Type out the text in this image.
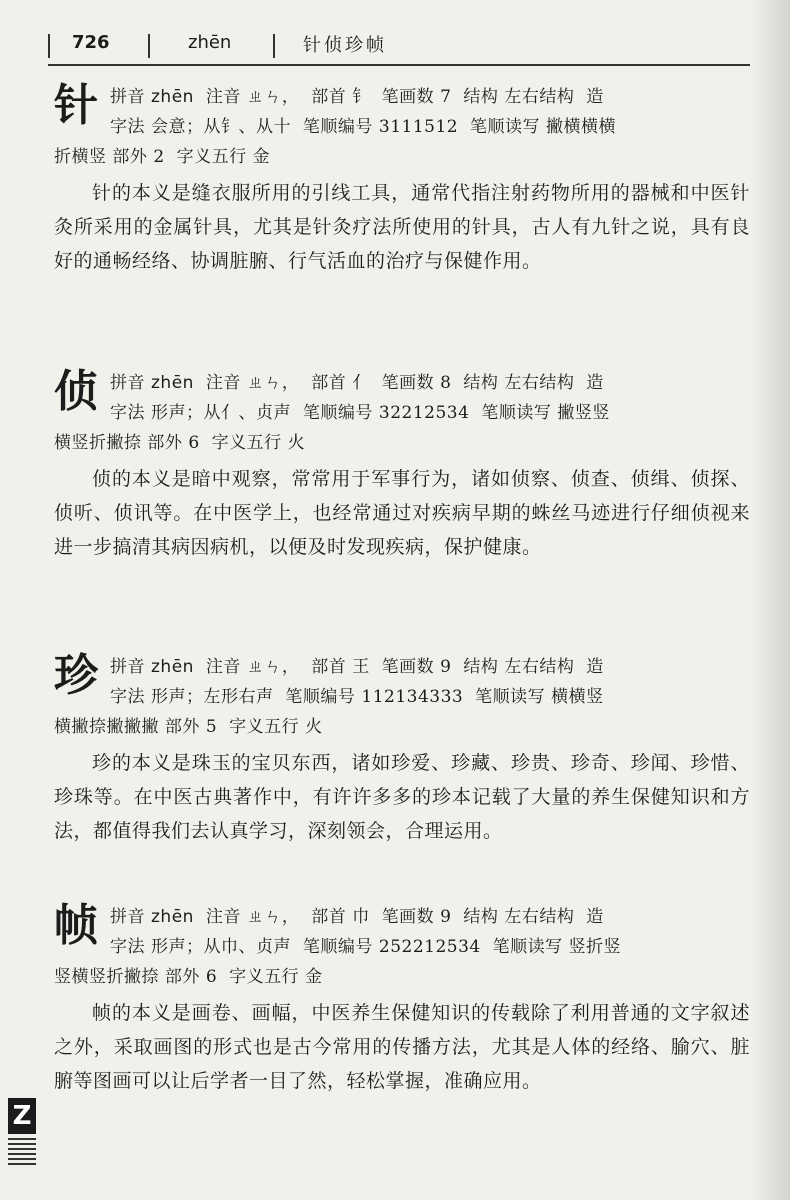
726	zhēn	针侦珍帧
针 拼音 zhēn 注音 ㄓㄣ， 部首 钅 笔画数 7 结构 左右结构 造
字法 会意；从钅、从十 笔顺编号 3111512 笔顺读写 撇横横横
折横竖 部外 2 字义五行 金
针的本义是缝衣服所用的引线工具，通常代指注射药物所用的器械和中医针灸所采用的金属针具，尤其是针灸疗法所使用的针具，古人有九针之说，具有良好的通畅经络、协调脏腑、行气活血的治疗与保健作用。
侦 拼音 zhēn 注音 ㄓㄣ， 部首 亻 笔画数 8 结构 左右结构 造
字法 形声；从亻、贞声 笔顺编号 32212534 笔顺读写 撇竖竖
横竖折撇捺 部外 6 字义五行 火
侦的本义是暗中观察，常常用于军事行为，诸如侦察、侦查、侦缉、侦探、侦听、侦讯等。在中医学上，也经常通过对疾病早期的蛛丝马迹进行仔细侦视来进一步搞清其病因病机，以便及时发现疾病，保护健康。
珍 拼音 zhēn 注音 ㄓㄣ， 部首 王 笔画数 9 结构 左右结构 造
字法 形声；左形右声 笔顺编号 112134333 笔顺读写 横横竖
横撇捺撇撇撇 部外 5 字义五行 火
珍的本义是珠玉的宝贝东西，诸如珍爱、珍藏、珍贵、珍奇、珍闻、珍惜、珍珠等。在中医古典著作中，有许许多多的珍本记载了大量的养生保健知识和方法，都值得我们去认真学习，深刻领会，合理运用。
帧 拼音 zhēn 注音 ㄓㄣ， 部首 巾 笔画数 9 结构 左右结构 造
字法 形声；从巾、贞声 笔顺编号 252212534 笔顺读写 竖折竖
竖横竖折撇捺 部外 6 字义五行 金
帧的本义是画卷、画幅，中医养生保健知识的传载除了利用普通的文字叙述之外，采取画图的形式也是古今常用的传播方法，尤其是人体的经络、腧穴、脏腑等图画可以让后学者一目了然，轻松掌握，准确应用。
Z
